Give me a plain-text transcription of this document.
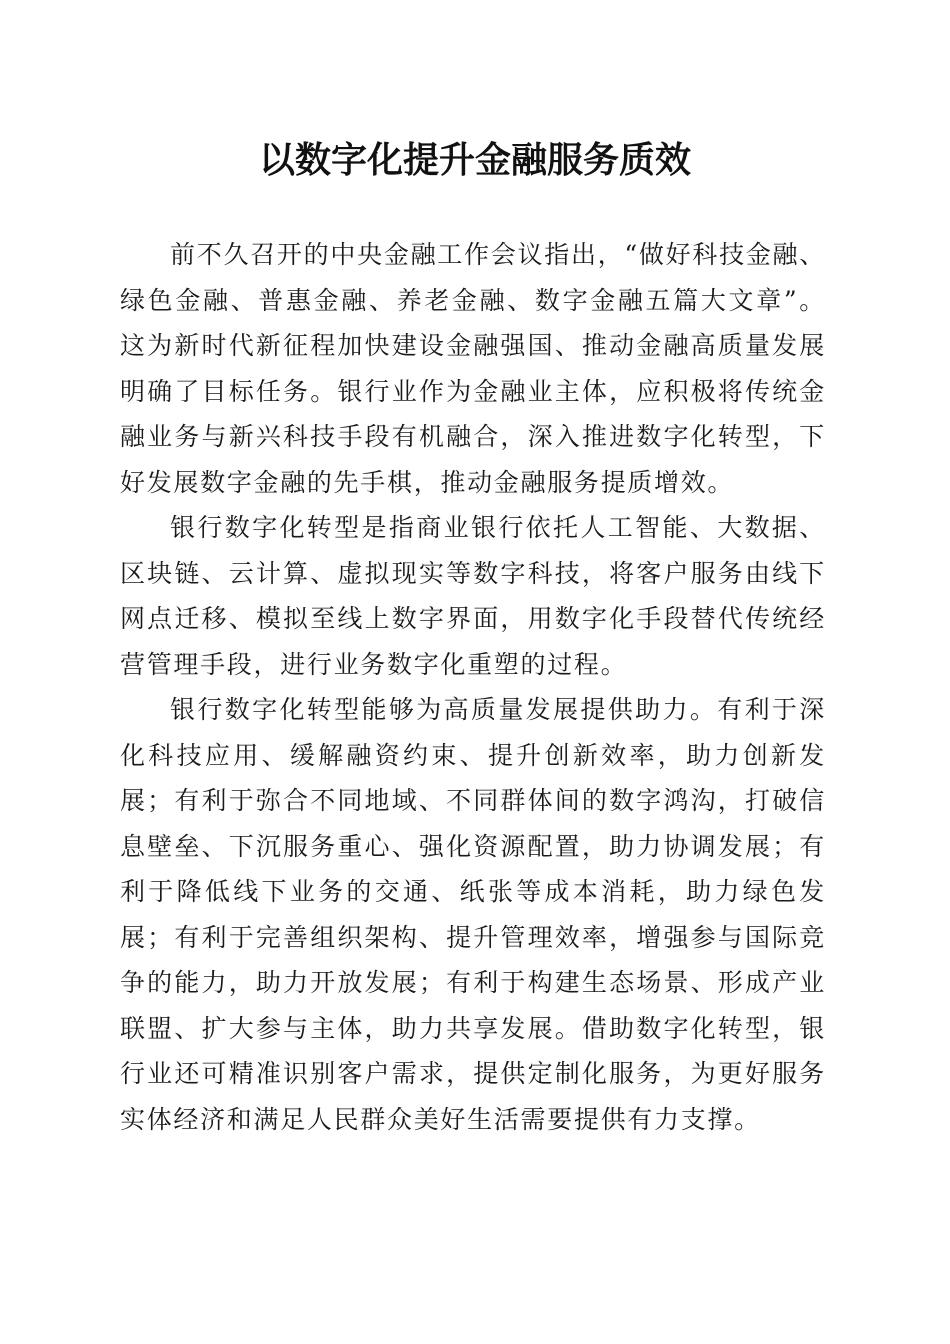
以数字化提升金融服务质效

前不久召开的中央金融工作会议指出，“做好科技金融、绿色金融、普惠金融、养老金融、数字金融五篇大文章”。这为新时代新征程加快建设金融强国、推动金融高质量发展明确了目标任务。银行业作为金融业主体，应积极将传统金融业务与新兴科技手段有机融合，深入推进数字化转型，下好发展数字金融的先手棋，推动金融服务提质增效。

银行数字化转型是指商业银行依托人工智能、大数据、区块链、云计算、虚拟现实等数字科技，将客户服务由线下网点迁移、模拟至线上数字界面，用数字化手段替代传统经营管理手段，进行业务数字化重塑的过程。

银行数字化转型能够为高质量发展提供助力。有利于深化科技应用、缓解融资约束、提升创新效率，助力创新发展；有利于弥合不同地域、不同群体间的数字鸿沟，打破信息壁垒、下沉服务重心、强化资源配置，助力协调发展；有利于降低线下业务的交通、纸张等成本消耗，助力绿色发展；有利于完善组织架构、提升管理效率，增强参与国际竞争的能力，助力开放发展；有利于构建生态场景、形成产业联盟、扩大参与主体，助力共享发展。借助数字化转型，银行业还可精准识别客户需求，提供定制化服务，为更好服务实体经济和满足人民群众美好生活需要提供有力支撑。
